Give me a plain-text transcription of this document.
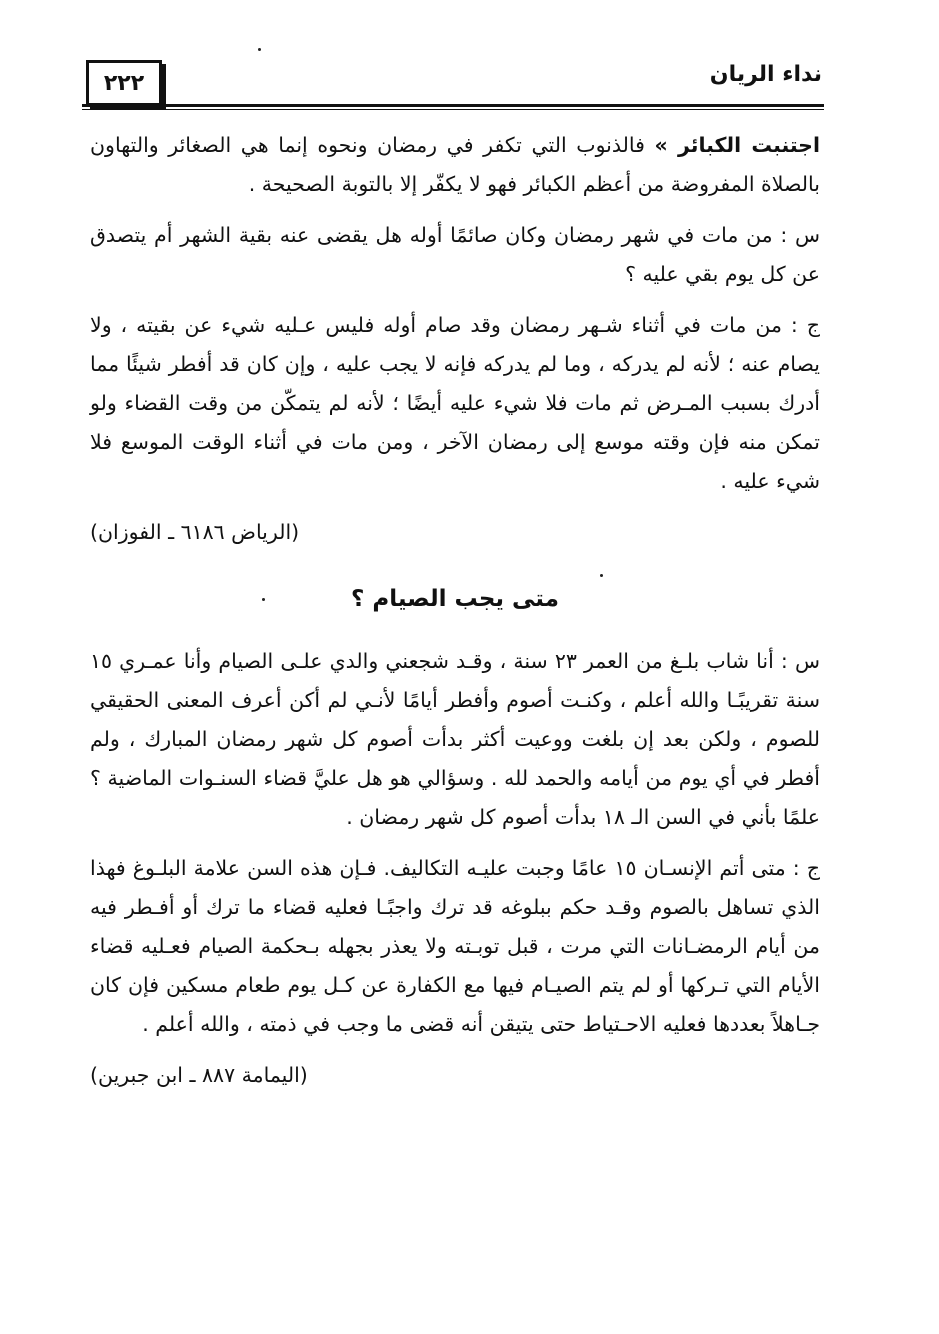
٢٢٢	نداء الريان

اجتنبت الكبائر » فالذنوب التي تكفر في رمضان ونحوه إنما هي الصغائر والتهاون بالصلاة المفروضة من أعظم الكبائر فهو لا يكفّر إلا بالتوبة الصحيحة .

س : من مات في شهر رمضان وكان صائمًا أوله هل يقضى عنه بقية الشهر أم يتصدق عن كل يوم بقي عليه ؟

ج : من مات في أثناء شـهر رمضان وقد صام أوله فليس عـليه شيء عن بقيته ، ولا يصام عنه ؛ لأنه لم يدركه ، وما لم يدركه فإنه لا يجب عليه ، وإن كان قد أفطر شيئًا مما أدرك بسبب المـرض ثم مات فلا شيء عليه أيضًا ؛ لأنه لم يتمكّن من وقت القضاء ولو تمكن منه فإن وقته موسع إلى رمضان الآخر ، ومن مات في أثناء الوقت الموسع فلا شيء عليه .

(الرياض ٦١٨٦ ـ الفوزان)

متى يجب الصيام ؟

س : أنا شاب بلـغ من العمر ٢٣ سنة ، وقـد شجعني والدي علـى الصيام وأنا عمـري ١٥ سنة تقريبًـا والله أعلم ، وكنـت أصوم وأفطر أيامًا لأنـي لم أكن أعرف المعنى الحقيقي للصوم ، ولكن بعد إن بلغت ووعيت أكثر بدأت أصوم كل شهر رمضان المبارك ، ولم أفطر في أي يوم من أيامه والحمد لله . وسؤالي هو هل عليَّ قضاء السنـوات الماضية ؟ علمًا بأني في السن الـ ١٨ بدأت أصوم كل شهر رمضان .

ج : متى أتم الإنسـان ١٥ عامًا وجبت عليـه التكاليف. فـإن هذه السن علامة البلـوغ فهذا الذي تساهل بالصوم وقـد حكم ببلوغه قد ترك واجبًـا فعليه قضاء ما ترك أو أفـطر فيه من أيام الرمضـانات التي مرت ، قبل توبـته ولا يعذر بجهله بـحكمة الصيام فعـليه قضاء الأيام التي تـركها أو لم يتم الصيـام فيها مع الكفارة عن كـل يوم طعام مسكين فإن كان جـاهلاً بعددها فعليه الاحـتياط حتى يتيقن أنه قضى ما وجب في ذمته ، والله أعلم .

(اليمامة ٨٨٧ ـ ابن جبرين)
